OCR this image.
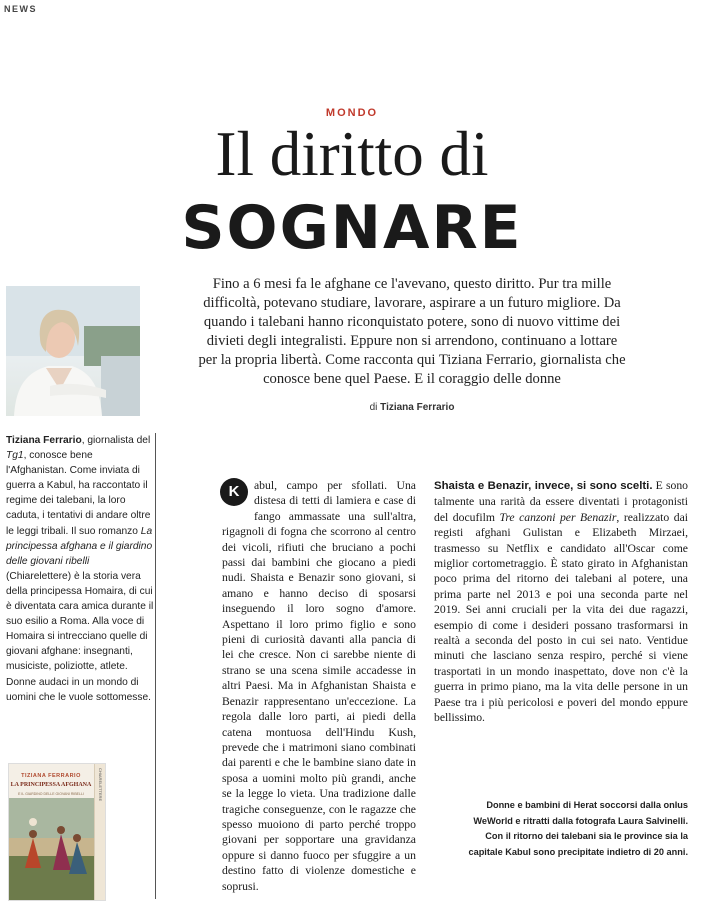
NEWS
MONDO
Il diritto di
SOGNARE
Fino a 6 mesi fa le afghane ce l'avevano, questo diritto. Pur tra mille difficoltà, potevano studiare, lavorare, aspirare a un futuro migliore. Da quando i talebani hanno riconquistato potere, sono di nuovo vittime dei divieti degli integralisti. Eppure non si arrendono, continuano a lottare per la propria libertà. Come racconta qui Tiziana Ferrario, giornalista che conosce bene quel Paese. E il coraggio delle donne
di Tiziana Ferrario

Tiziana Ferrario, giornalista del Tg1, conosce bene l'Afghanistan. Come inviata di guerra a Kabul, ha raccontato il regime dei talebani, la loro caduta, i tentativi di andare oltre le leggi tribali. Il suo romanzo La principessa afghana e il giardino delle giovani ribelli (Chiarelettere) è la storia vera della principessa Homaira, di cui è diventata cara amica durante il suo esilio a Roma. Alla voce di Homaira si intrecciano quelle di giovani afghane: insegnanti, musiciste, poliziotte, atlete. Donne audaci in un mondo di uomini che le vuole sottomesse.

TIZIANA FERRARIO
LA PRINCIPESSA AFGHANA
E IL GIARDINO DELLE GIOVANI RIBELLI	CHIARELETTERE
K	abul, campo per sfollati. Una distesa di tetti di lamiera e case di fango ammassate una sull'altra, rigagnoli di fogna che scorrono al centro dei vicoli, rifiuti che bruciano a pochi passi dai bambini che giocano a piedi nudi. Shaista e Benazir sono giovani, si amano e hanno deciso di sposarsi inseguendo il loro sogno d'amore. Aspettano il loro primo figlio e sono pieni di curiosità davanti alla pancia di lei che cresce. Non ci sarebbe niente di strano se una scena simile accadesse in altri Paesi. Ma in Afghanistan Shaista e Benazir rappresentano un'eccezione. La regola dalle loro parti, ai piedi della catena montuosa dell'Hindu Kush, prevede che i matrimoni siano combinati dai parenti e che le bambine siano date in sposa a uomini molto più grandi, anche se la legge lo vieta. Una tradizione dalle tragiche conseguenze, con le ragazze che spesso muoiono di parto perché troppo giovani per sopportare una gravidanza oppure si danno fuoco per sfuggire a un destino fatto di violenze domestiche e soprusi.

Shaista e Benazir, invece, si sono scelti. E sono talmente una rarità da essere diventati i protagonisti del docufilm Tre canzoni per Benazir, realizzato dai registi afghani Gulistan e Elizabeth Mirzaei, trasmesso su Netflix e candidato all'Oscar come miglior cortometraggio. È stato girato in Afghanistan poco prima del ritorno dei talebani al potere, una prima parte nel 2013 e poi una seconda parte nel 2019. Sei anni cruciali per la vita dei due ragazzi, esempio di come i desideri possano trasformarsi in realtà a seconda del posto in cui sei nato. Ventidue minuti che lasciano senza respiro, perché si viene trasportati in un mondo inaspettato, dove non c'è la guerra in primo piano, ma la vita delle persone in un Paese tra i più pericolosi e poveri del mondo eppure bellissimo.

Donne e bambini di Herat soccorsi dalla onlus WeWorld e ritratti dalla fotografa Laura Salvinelli. Con il ritorno dei talebani sia le province sia la capitale Kabul sono precipitate indietro di 20 anni.
